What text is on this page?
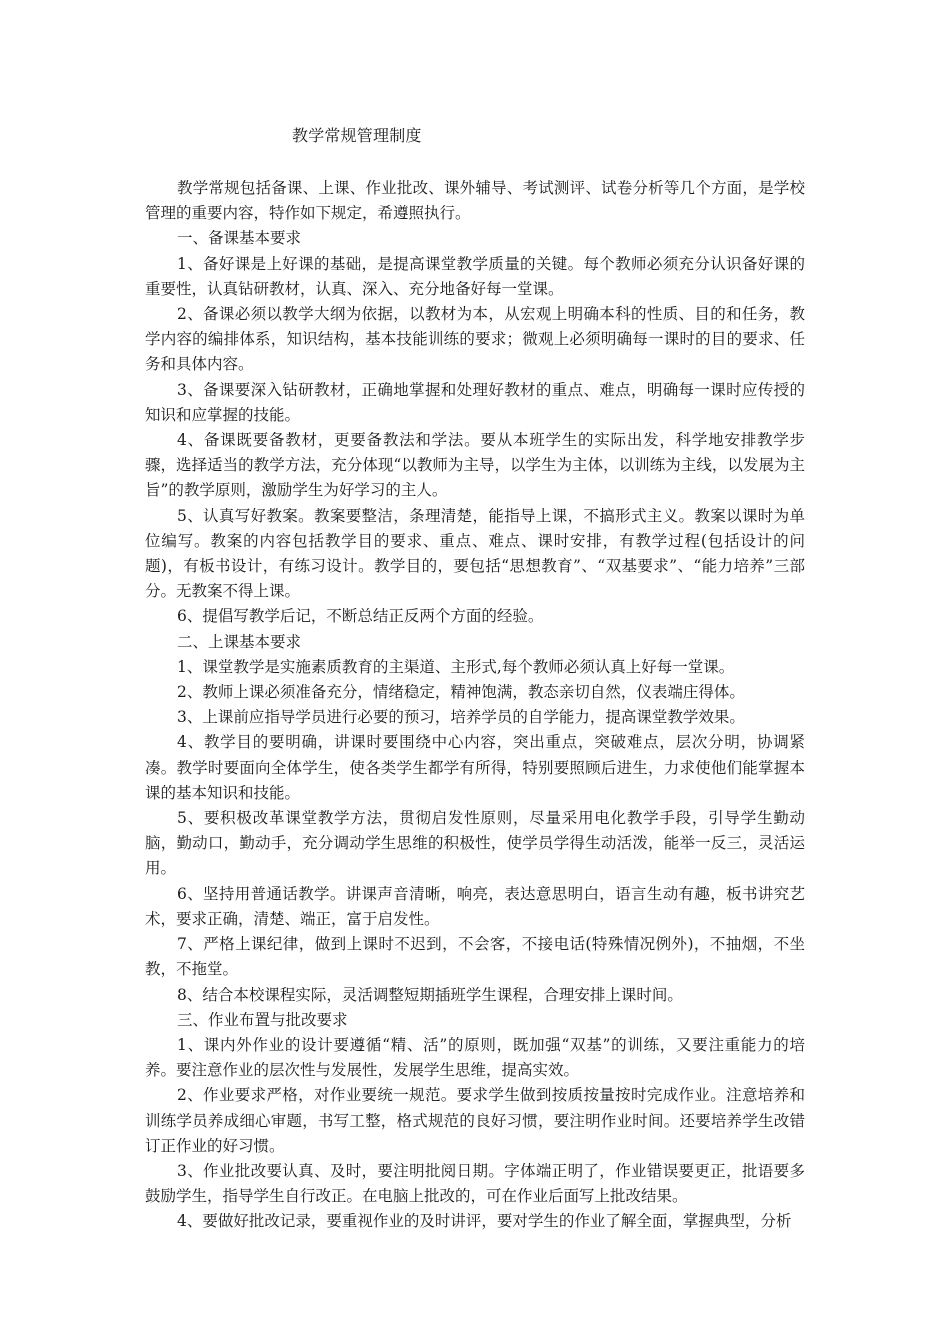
教学常规管理制度

教学常规包括备课、上课、作业批改、课外辅导、考试测评、试卷分析等几个方面，是学校管理的重要内容，特作如下规定，希遵照执行。

一、备课基本要求

1、备好课是上好课的基础，是提高课堂教学质量的关键。每个教师必须充分认识备好课的重要性，认真钻研教材，认真、深入、充分地备好每一堂课。

2、备课必须以教学大纲为依据，以教材为本，从宏观上明确本科的性质、目的和任务，教学内容的编排体系，知识结构，基本技能训练的要求；微观上必须明确每一课时的目的要求、任务和具体内容。

3、备课要深入钻研教材，正确地掌握和处理好教材的重点、难点，明确每一课时应传授的知识和应掌握的技能。

4、备课既要备教材，更要备教法和学法。要从本班学生的实际出发，科学地安排教学步骤，选择适当的教学方法，充分体现“以教师为主导，以学生为主体，以训练为主线，以发展为主旨”的教学原则，激励学生为好学习的主人。

5、认真写好教案。教案要整洁，条理清楚，能指导上课，不搞形式主义。教案以课时为单位编写。教案的内容包括教学目的要求、重点、难点、课时安排，有教学过程(包括设计的问题)，有板书设计，有练习设计。教学目的，要包括“思想教育”、“双基要求”、“能力培养”三部分。无教案不得上课。

6、提倡写教学后记，不断总结正反两个方面的经验。

二、上课基本要求

1、课堂教学是实施素质教育的主渠道、主形式,每个教师必须认真上好每一堂课。

2、教师上课必须准备充分，情绪稳定，精神饱满，教态亲切自然，仪表端庄得体。

3、上课前应指导学员进行必要的预习，培养学员的自学能力，提高课堂教学效果。

4、教学目的要明确，讲课时要围绕中心内容，突出重点，突破难点，层次分明，协调紧凑。教学时要面向全体学生，使各类学生都学有所得，特别要照顾后进生，力求使他们能掌握本课的基本知识和技能。

5、要积极改革课堂教学方法，贯彻启发性原则，尽量采用电化教学手段，引导学生勤动脑，勤动口，勤动手，充分调动学生思维的积极性，使学员学得生动活泼，能举一反三，灵活运用。

6、坚持用普通话教学。讲课声音清晰，响亮，表达意思明白，语言生动有趣，板书讲究艺术，要求正确，清楚、端正，富于启发性。

7、严格上课纪律，做到上课时不迟到，不会客，不接电话(特殊情况例外)，不抽烟，不坐教，不拖堂。

8、结合本校课程实际，灵活调整短期插班学生课程，合理安排上课时间。

三、作业布置与批改要求

1、课内外作业的设计要遵循“精、活”的原则，既加强“双基”的训练，又要注重能力的培养。要注意作业的层次性与发展性，发展学生思维，提高实效。

2、作业要求严格，对作业要统一规范。要求学生做到按质按量按时完成作业。注意培养和训练学员养成细心审题，书写工整，格式规范的良好习惯，要注明作业时间。还要培养学生改错订正作业的好习惯。

3、作业批改要认真、及时，要注明批阅日期。字体端正明了，作业错误要更正，批语要多鼓励学生，指导学生自行改正。在电脑上批改的，可在作业后面写上批改结果。

4、要做好批改记录，要重视作业的及时讲评，要对学生的作业了解全面，掌握典型，分析
